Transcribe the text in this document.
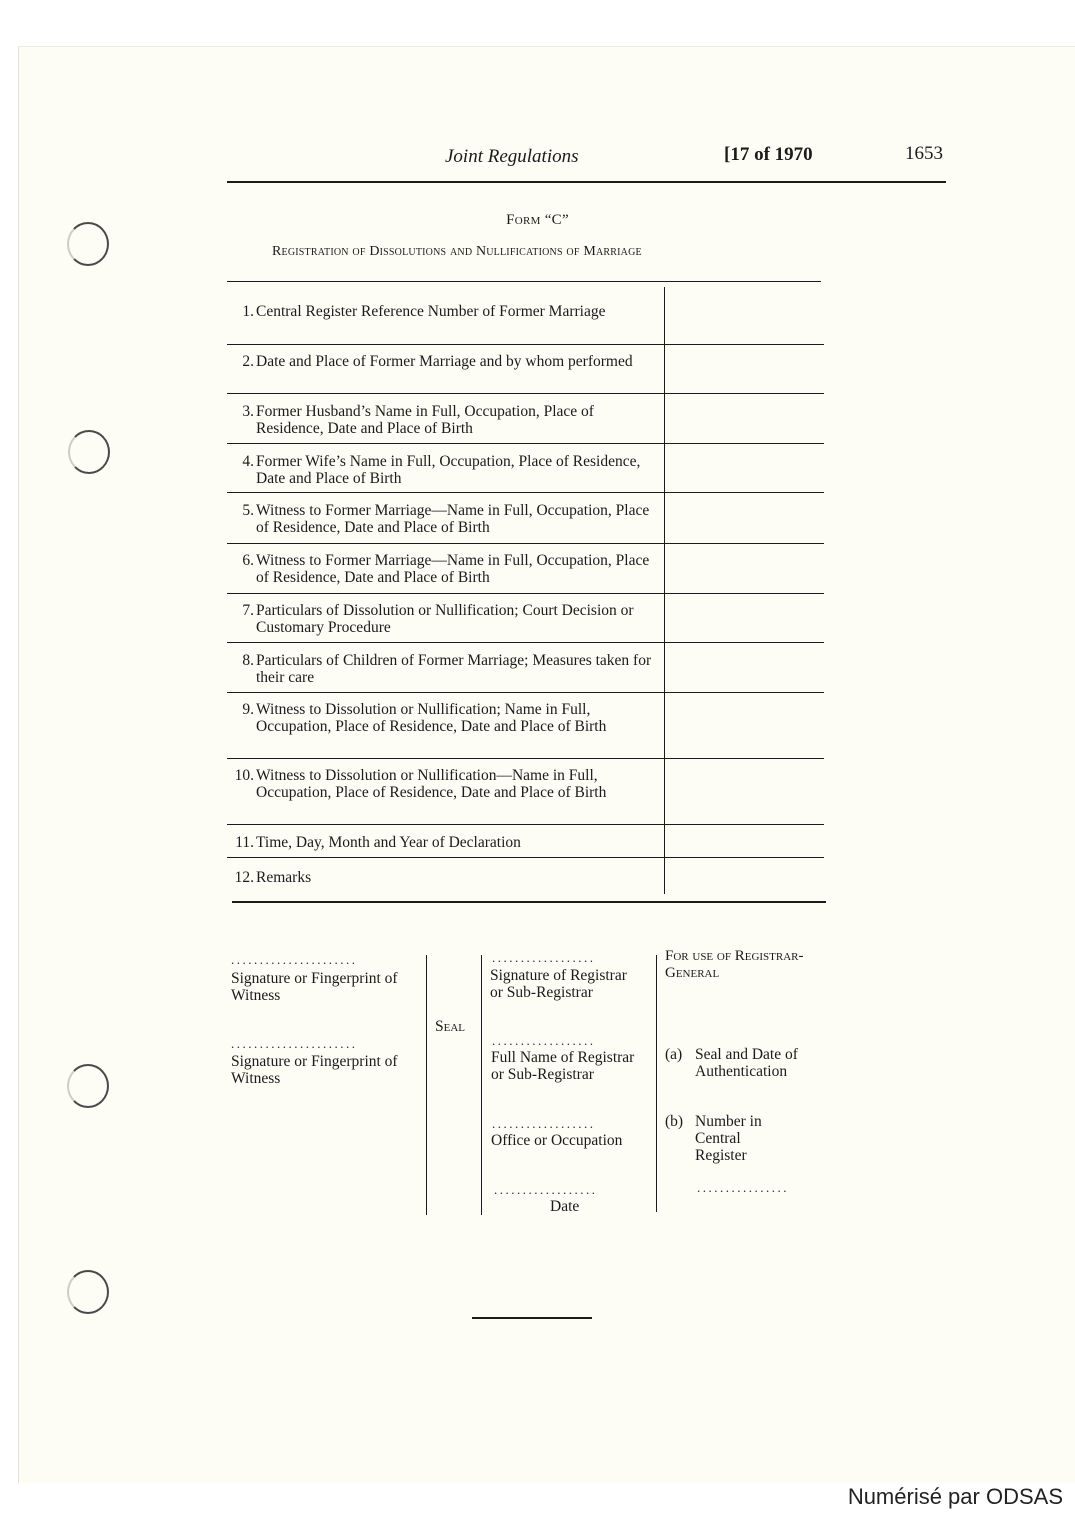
Joint Regulations	[17 of 1970	1653
Form “C”
Registration of Dissolutions and Nullifications of Marriage
1. Central Register Reference Number of Former Marriage
2. Date and Place of Former Marriage and by whom performed
3. Former Husband’s Name in Full, Occupation, Place of Residence, Date and Place of Birth
4. Former Wife’s Name in Full, Occupation, Place of Residence, Date and Place of Birth
5. Witness to Former Marriage—Name in Full, Occupation, Place of Residence, Date and Place of Birth
6. Witness to Former Marriage—Name in Full, Occupation, Place of Residence, Date and Place of Birth
7. Particulars of Dissolution or Nullification; Court Decision or Customary Procedure
8. Particulars of Children of Former Marriage; Measures taken for their care
9. Witness to Dissolution or Nullification; Name in Full, Occupation, Place of Residence, Date and Place of Birth
10. Witness to Dissolution or Nullification—Name in Full, Occupation, Place of Residence, Date and Place of Birth
11. Time, Day, Month and Year of Declaration
12. Remarks
......................
Signature or Fingerprint of Witness
......................
Signature or Fingerprint of Witness
Seal
..................
Signature of Registrar or Sub-Registrar
..................
Full Name of Registrar or Sub-Registrar
..................
Office or Occupation
..................
Date
For use of Registrar-General
(a) Seal and Date of Authentication
(b) Number in Central Register
................
Numérisé par ODSAS
